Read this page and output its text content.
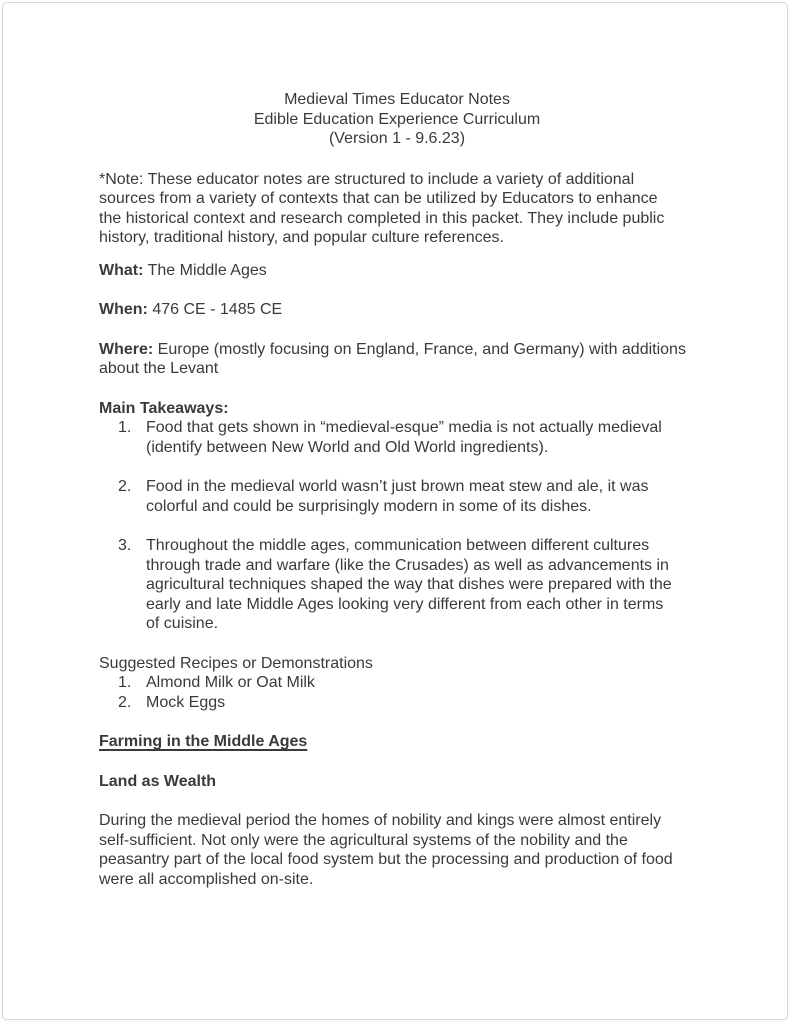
Medieval Times Educator Notes

Edible Education Experience Curriculum

(Version 1 - 9.6.23)

*Note: These educator notes are structured to include a variety of additional sources from a variety of contexts that can be utilized by Educators to enhance the historical context and research completed in this packet. They include public history, traditional history, and popular culture references.

What: The Middle Ages

When: 476 CE - 1485 CE

Where: Europe (mostly focusing on England, France, and Germany) with additions about the Levant

Main Takeaways:

1. Food that gets shown in “medieval-esque” media is not actually medieval (identify between New World and Old World ingredients).
2. Food in the medieval world wasn’t just brown meat stew and ale, it was colorful and could be surprisingly modern in some of its dishes.
3. Throughout the middle ages, communication between different cultures through trade and warfare (like the Crusades) as well as advancements in agricultural techniques shaped the way that dishes were prepared with the early and late Middle Ages looking very different from each other in terms of cuisine.

Suggested Recipes or Demonstrations

1. Almond Milk or Oat Milk
2. Mock Eggs

Farming in the Middle Ages

Land as Wealth

During the medieval period the homes of nobility and kings were almost entirely self-sufficient. Not only were the agricultural systems of the nobility and the peasantry part of the local food system but the processing and production of food were all accomplished on-site.
